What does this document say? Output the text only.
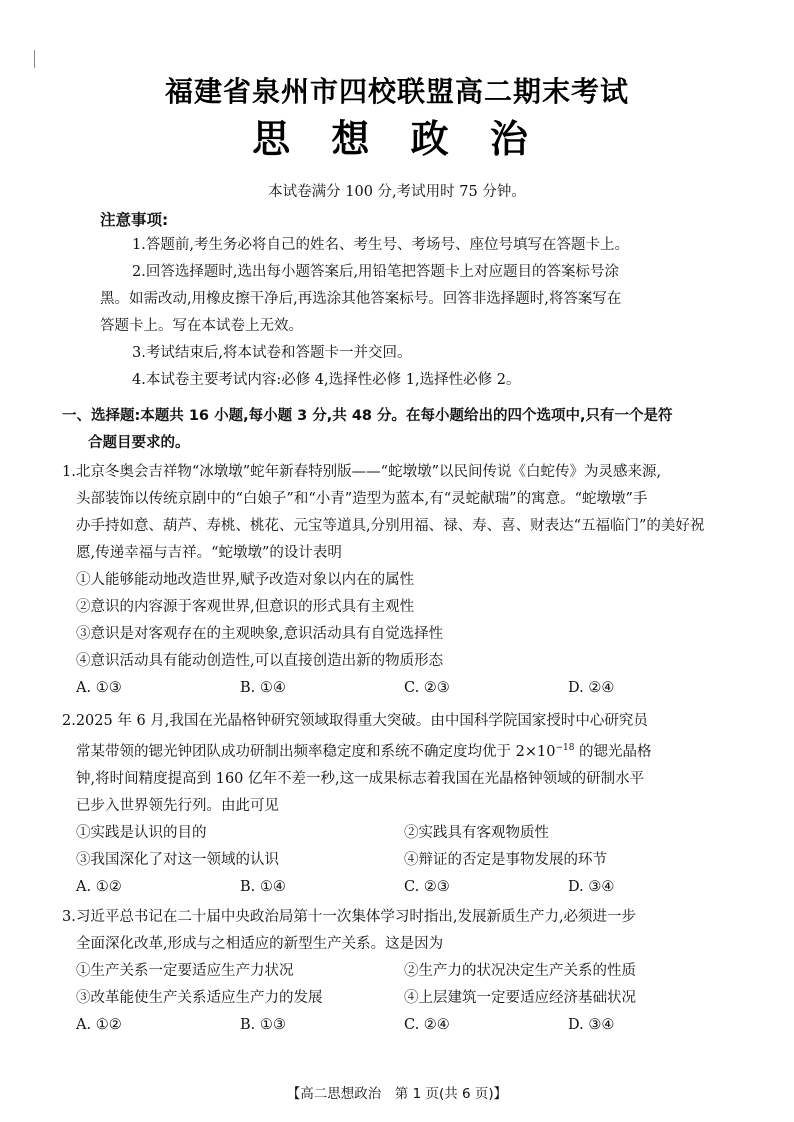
福建省泉州市四校联盟高二期末考试
思 想 政 治
本试卷满分 100 分,考试用时 75 分钟。
注意事项:

1.答题前,考生务必将自己的姓名、考生号、考场号、座位号填写在答题卡上。

2.回答选择题时,选出每小题答案后,用铅笔把答题卡上对应题目的答案标号涂

黑。如需改动,用橡皮擦干净后,再选涂其他答案标号。回答非选择题时,将答案写在

答题卡上。写在本试卷上无效。

3.考试结束后,将本试卷和答题卡一并交回。

4.本试卷主要考试内容:必修 4,选择性必修 1,选择性必修 2。

一、选择题:本题共 16 小题,每小题 3 分,共 48 分。在每小题给出的四个选项中,只有一个是符
合题目要求的。
1.北京冬奥会吉祥物“冰墩墩”蛇年新春特别版——“蛇墩墩”以民间传说《白蛇传》为灵感来源,
头部装饰以传统京剧中的“白娘子”和“小青”造型为蓝本,有“灵蛇献瑞”的寓意。“蛇墩墩”手
办手持如意、葫芦、寿桃、桃花、元宝等道具,分别用福、禄、寿、喜、财表达“五福临门”的美好祝
愿,传递幸福与吉祥。“蛇墩墩”的设计表明
①人能够能动地改造世界,赋予改造对象以内在的属性
②意识的内容源于客观世界,但意识的形式具有主观性
③意识是对客观存在的主观映象,意识活动具有自觉选择性
④意识活动具有能动创造性,可以直接创造出新的物质形态
A. ①③	B. ①④	C. ②③	D. ②④
2.2025 年 6 月,我国在光晶格钟研究领域取得重大突破。由中国科学院国家授时中心研究员
常某带领的锶光钟团队成功研制出频率稳定度和系统不确定度均优于 $2\times 10^{-18}$ 的锶光晶格
钟,将时间精度提高到 160 亿年不差一秒,这一成果标志着我国在光晶格钟领域的研制水平
已步入世界领先行列。由此可见
①实践是认识的目的	②实践具有客观物质性
③我国深化了对这一领域的认识	④辩证的否定是事物发展的环节
A. ①②	B. ①④	C. ②③	D. ③④
3.习近平总书记在二十届中央政治局第十一次集体学习时指出,发展新质生产力,必须进一步
全面深化改革,形成与之相适应的新型生产关系。这是因为
①生产关系一定要适应生产力状况	②生产力的状况决定生产关系的性质
③改革能使生产关系适应生产力的发展	④上层建筑一定要适应经济基础状况
A. ①②	B. ①③	C. ②④	D. ③④
【高二思想政治　第 1 页(共 6 页)】
